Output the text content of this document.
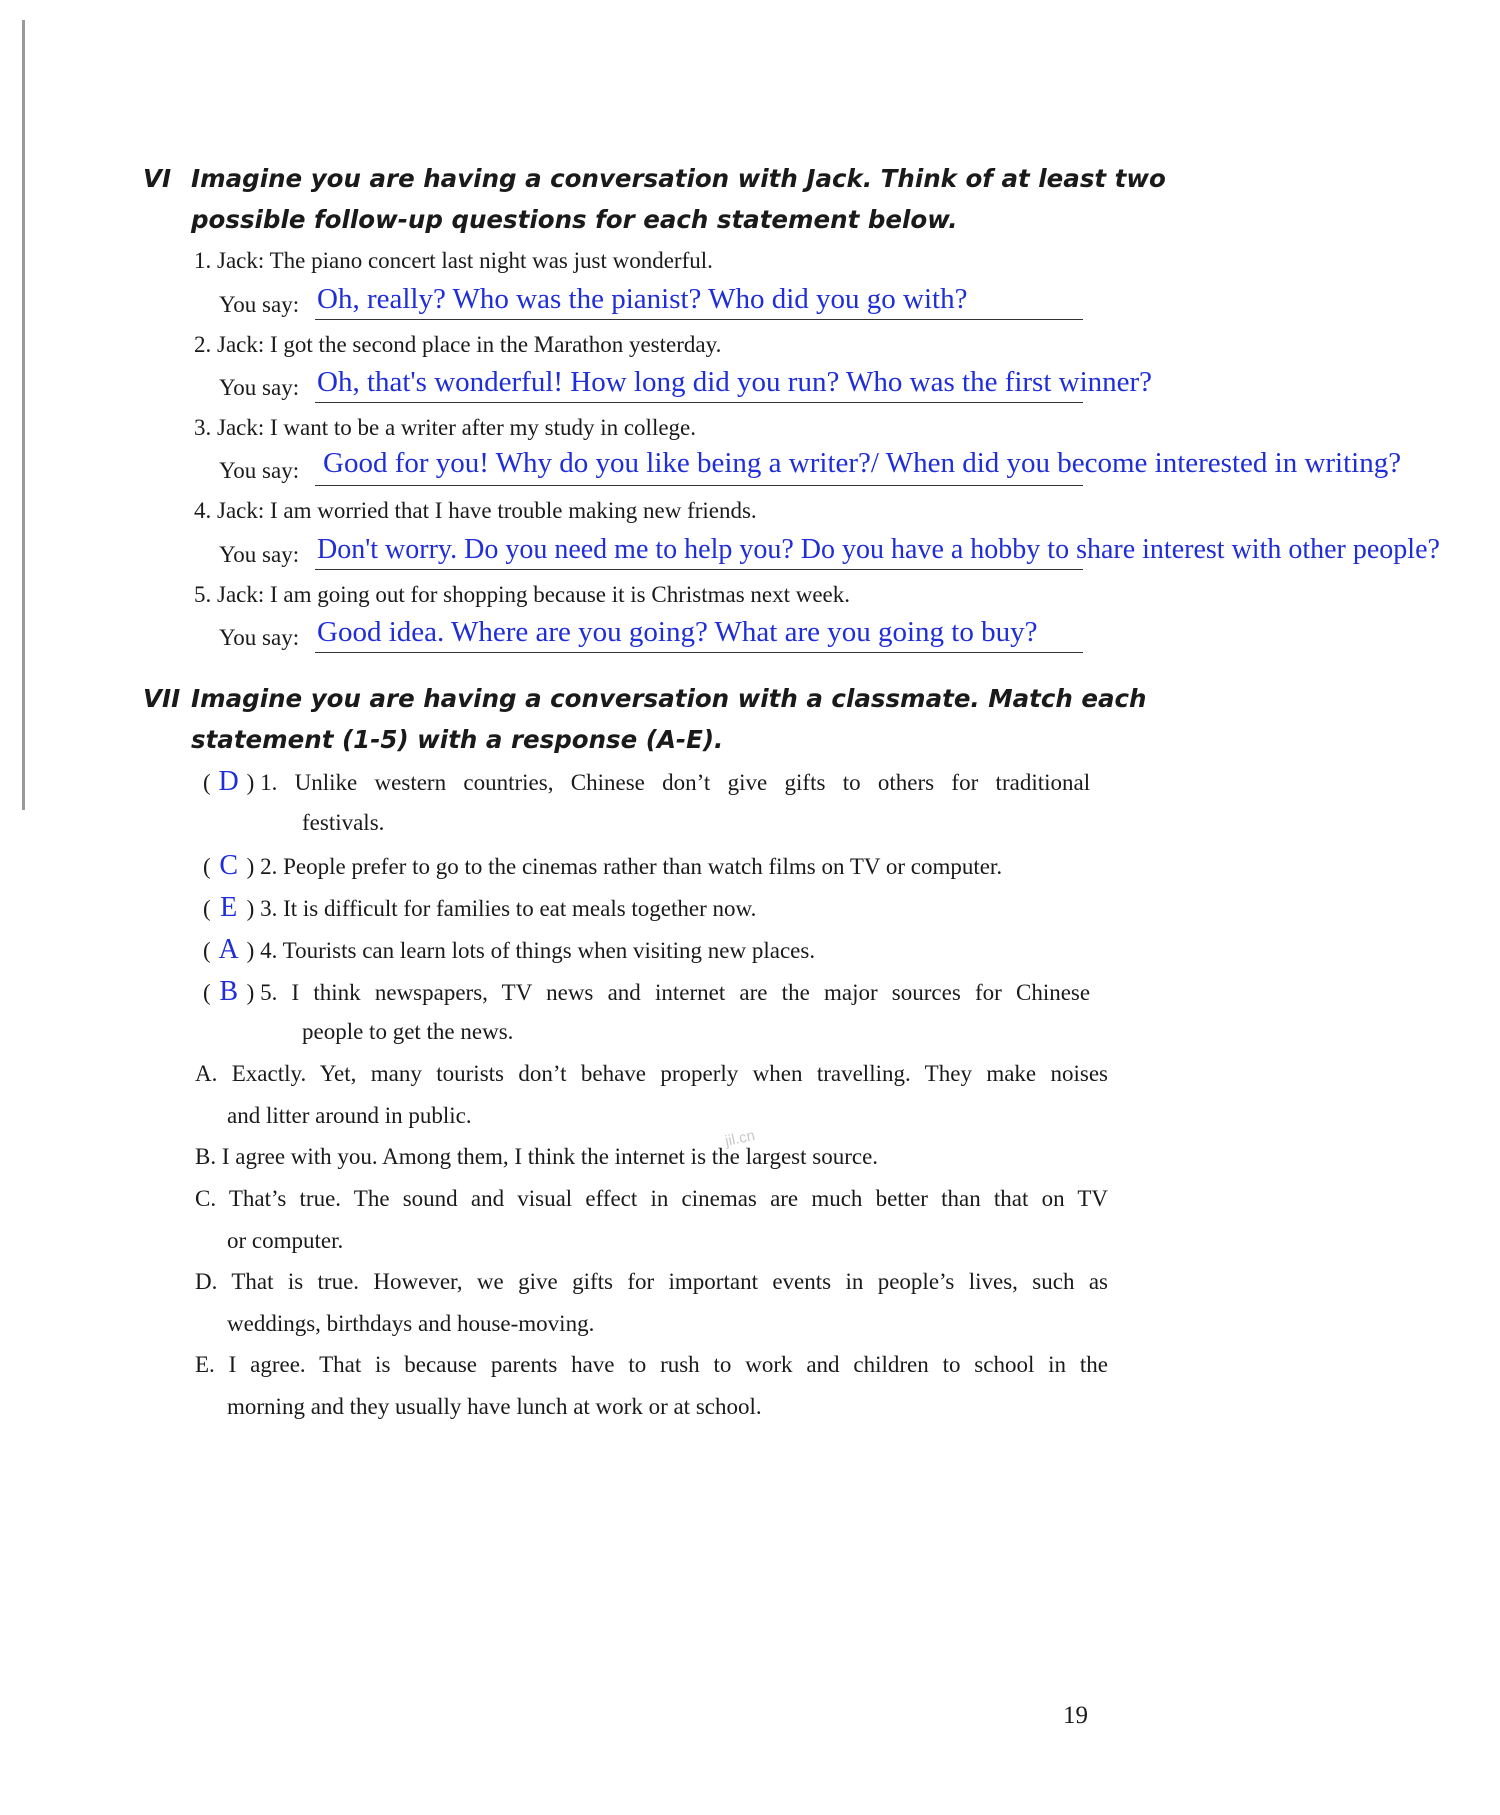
VI Imagine you are having a conversation with Jack. Think of at least two
possible follow-up questions for each statement below.
1. Jack: The piano concert last night was just wonderful.
You say: Oh, really? Who was the pianist? Who did you go with?
2. Jack: I got the second place in the Marathon yesterday.
You say: Oh, that's wonderful! How long did you run? Who was the first winner?
3. Jack: I want to be a writer after my study in college.
You say: Good for you! Why do you like being a writer?/ When did you become interested in writing?
4. Jack: I am worried that I have trouble making new friends.
You say: Don't worry. Do you need me to help you? Do you have a hobby to share interest with other people?
5. Jack: I am going out for shopping because it is Christmas next week.
You say: Good idea. Where are you going? What are you going to buy?
VII Imagine you are having a conversation with a classmate. Match each
statement (1-5) with a response (A-E).
( D ) 1. Unlike western countries, Chinese don’t give gifts to others for traditional
festivals.
( C ) 2. People prefer to go to the cinemas rather than watch films on TV or computer.
( E ) 3. It is difficult for families to eat meals together now.
( A ) 4. Tourists can learn lots of things when visiting new places.
( B ) 5. I think newspapers, TV news and internet are the major sources for Chinese
people to get the news.
A. Exactly. Yet, many tourists don’t behave properly when travelling. They make noises
and litter around in public.
B. I agree with you. Among them, I think the internet is the largest source.
C. That’s true. The sound and visual effect in cinemas are much better than that on TV
or computer.
D. That is true. However, we give gifts for important events in people’s lives, such as
weddings, birthdays and house-moving.
E. I agree. That is because parents have to rush to work and children to school in the
morning and they usually have lunch at work or at school.
jil.cn
19
